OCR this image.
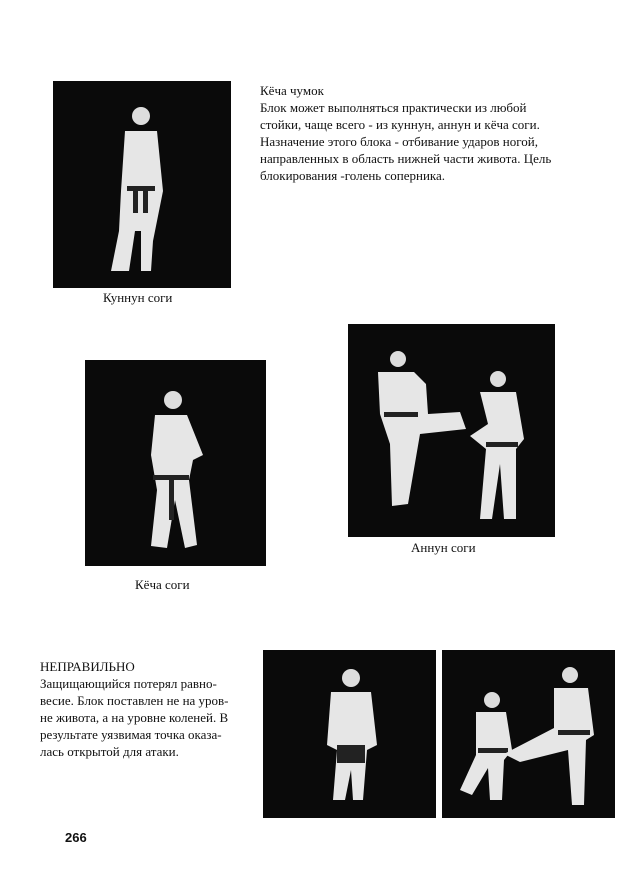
Кёча чумок

Блок может выполняться практически из любой

стойки, чаще всего - из куннун, аннун и кёча соги.

Назначение этого блока - отбивание ударов ногой,

направленных в область нижней части живота. Цель

блокирования -голень соперника.

Куннун соги
Кёча соги
Аннун соги

НЕПРАВИЛЬНО

Защищающийся потерял равно-

весие. Блок поставлен не на уров-

не живота, а на уровне коленей. В

результате уязвимая точка оказа-

лась открытой для атаки.

266
